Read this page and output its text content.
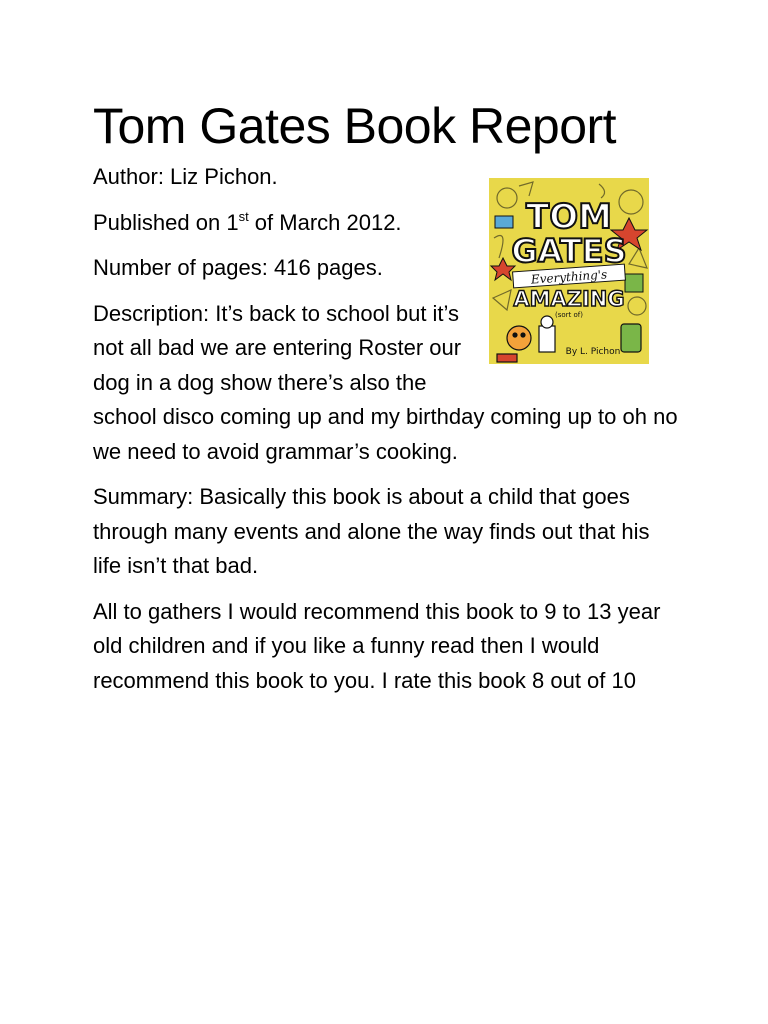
Tom Gates Book Report
TOM
GATES
Everything's
AMAZING
(sort of)
By L. Pichon

Author: Liz Pichon.

Published on 1st of March 2012.

Number of pages: 416 pages.

Description: It’s back to school but it’s not all bad we are entering Roster our dog in a dog show there’s also the school disco coming up and my birthday coming up to oh no we need to avoid grammar’s cooking.

Summary: Basically this book is about a child that goes through many events and alone the way finds out that his life isn’t that bad.

All to gathers I would recommend this book to 9 to 13 year old children and if you like a funny read then I would recommend this book to you. I rate this book 8 out of 10
